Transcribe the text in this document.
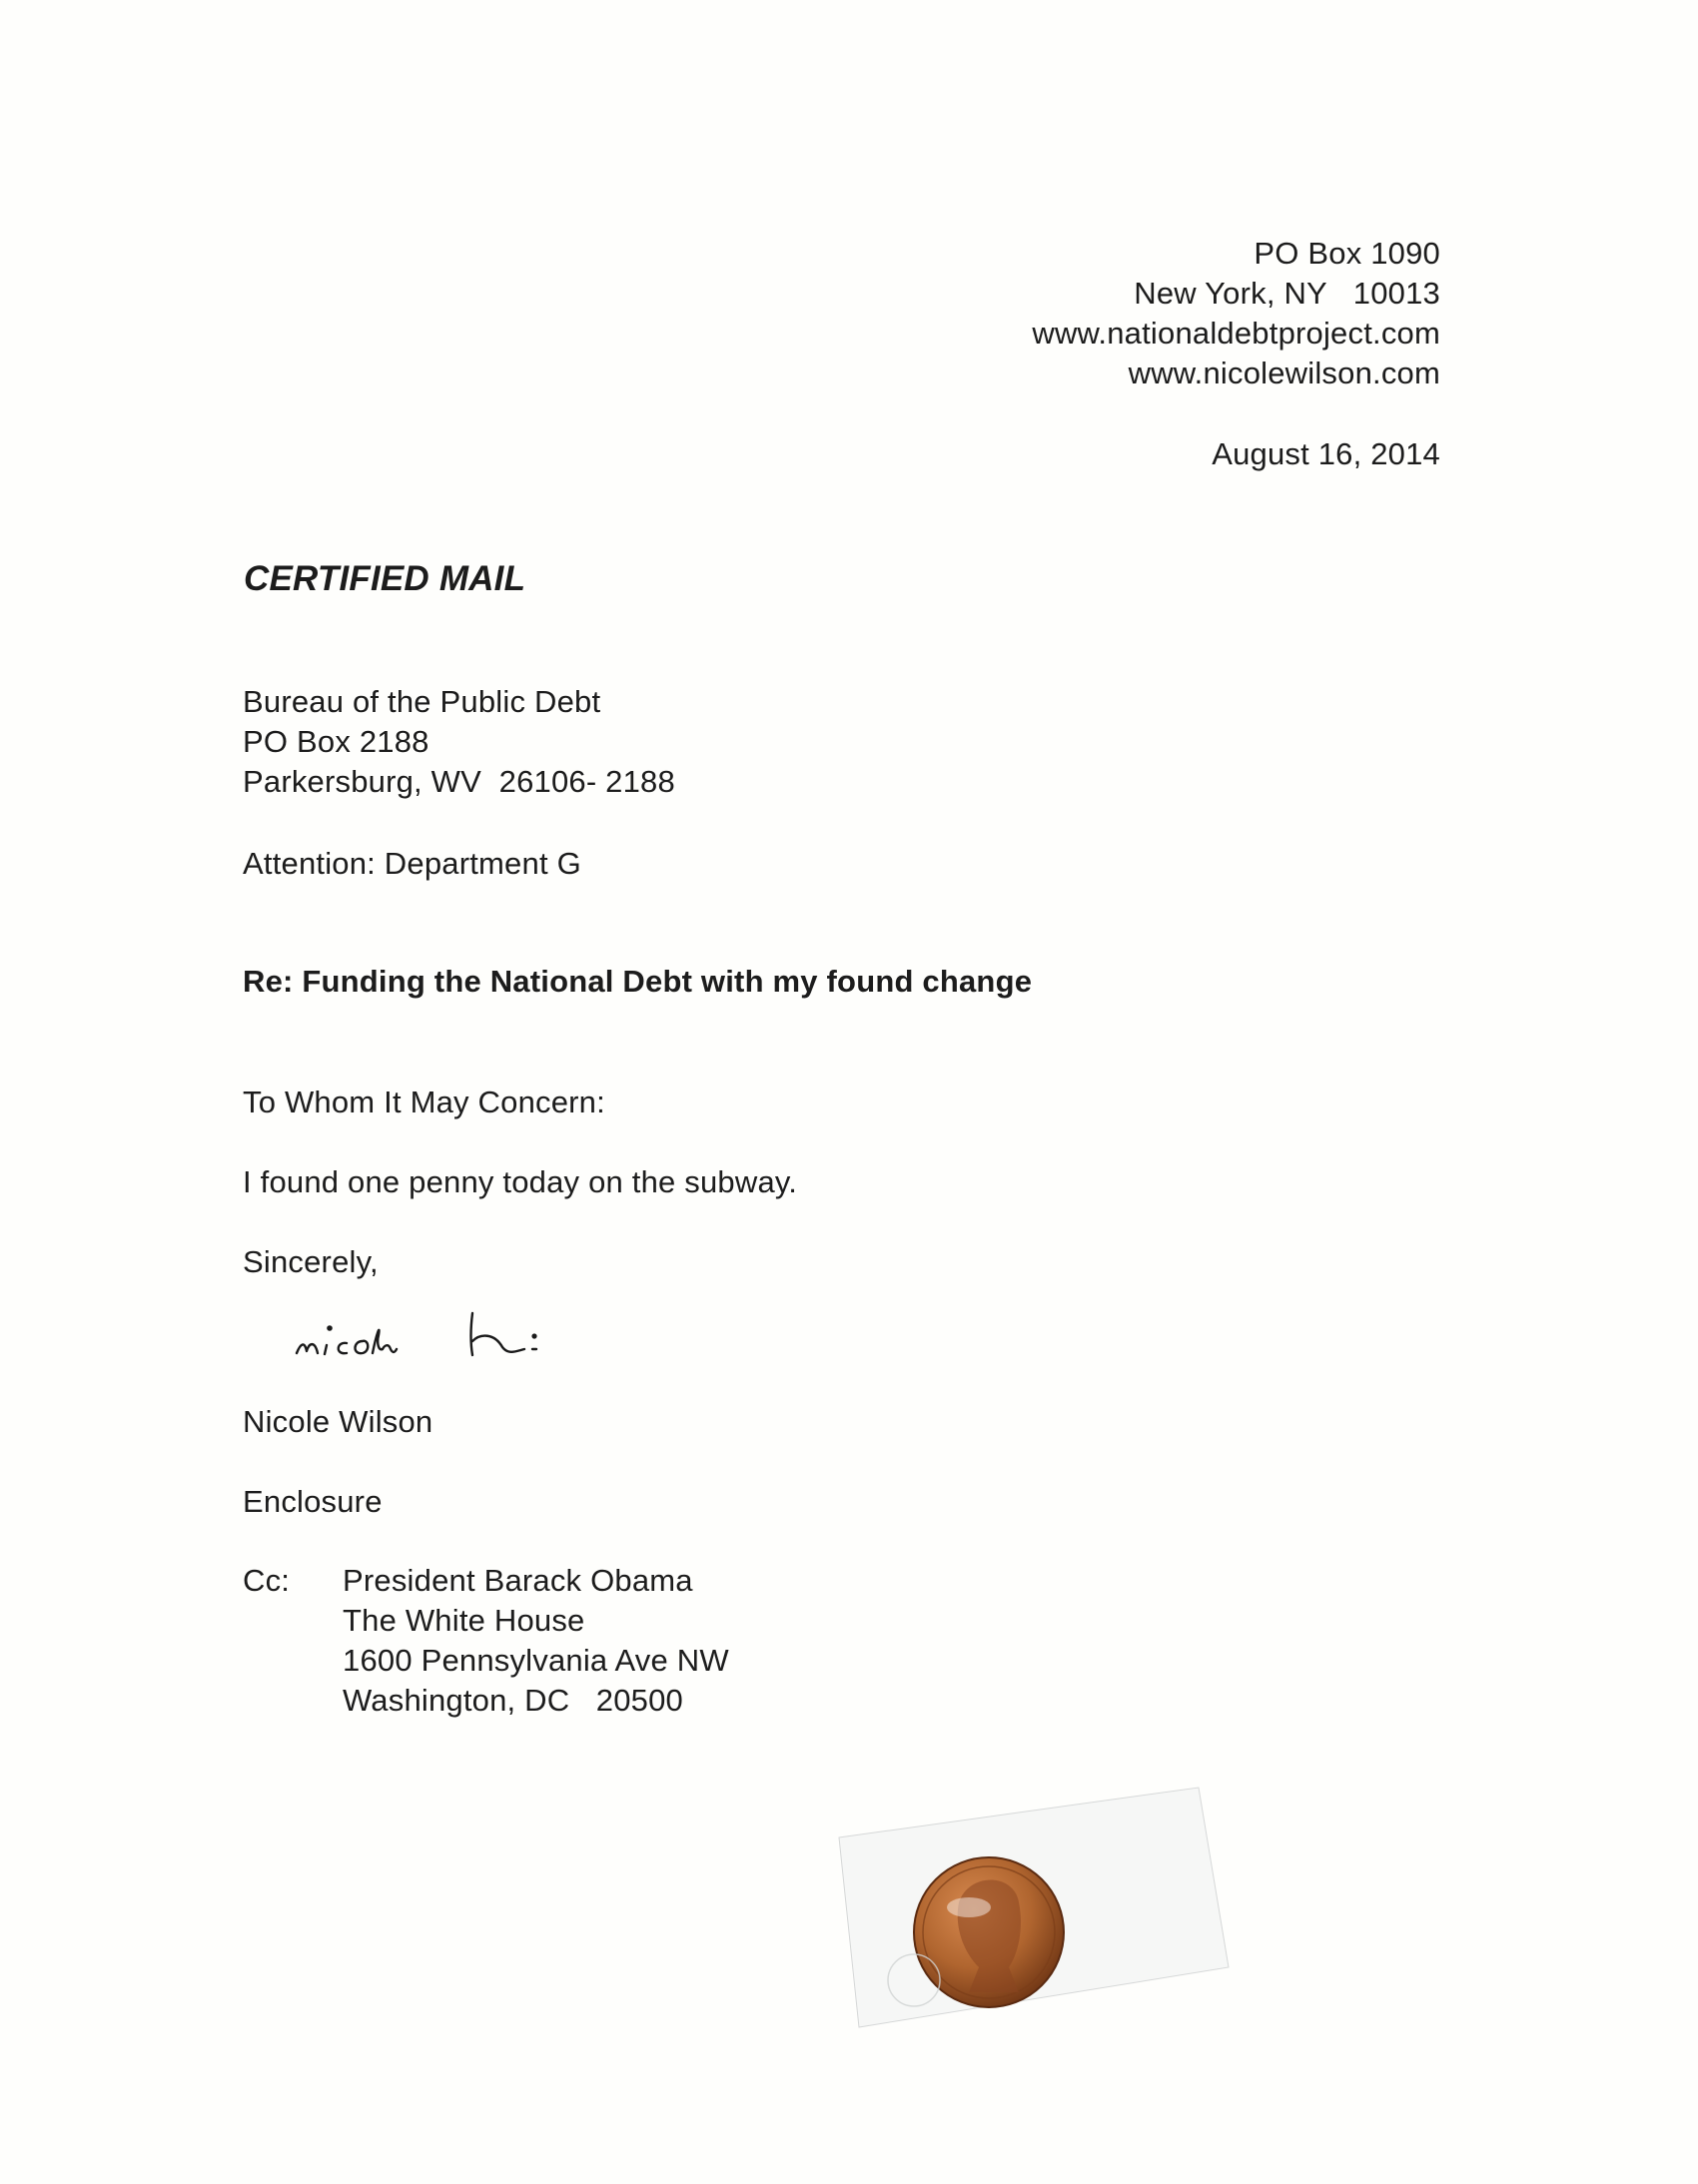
PO Box 1090
New York, NY   10013
www.nationaldebtproject.com
www.nicolewilson.com
August 16, 2014
CERTIFIED MAIL
Bureau of the Public Debt
PO Box 2188
Parkersburg, WV  26106- 2188
Attention: Department G
Re: Funding the National Debt with my found change
To Whom It May Concern:
I found one penny today on the subway.
Sincerely,
Nicole Wilson
Enclosure
Cc: President Barack Obama
The White House
1600 Pennsylvania Ave NW
Washington, DC   20500
